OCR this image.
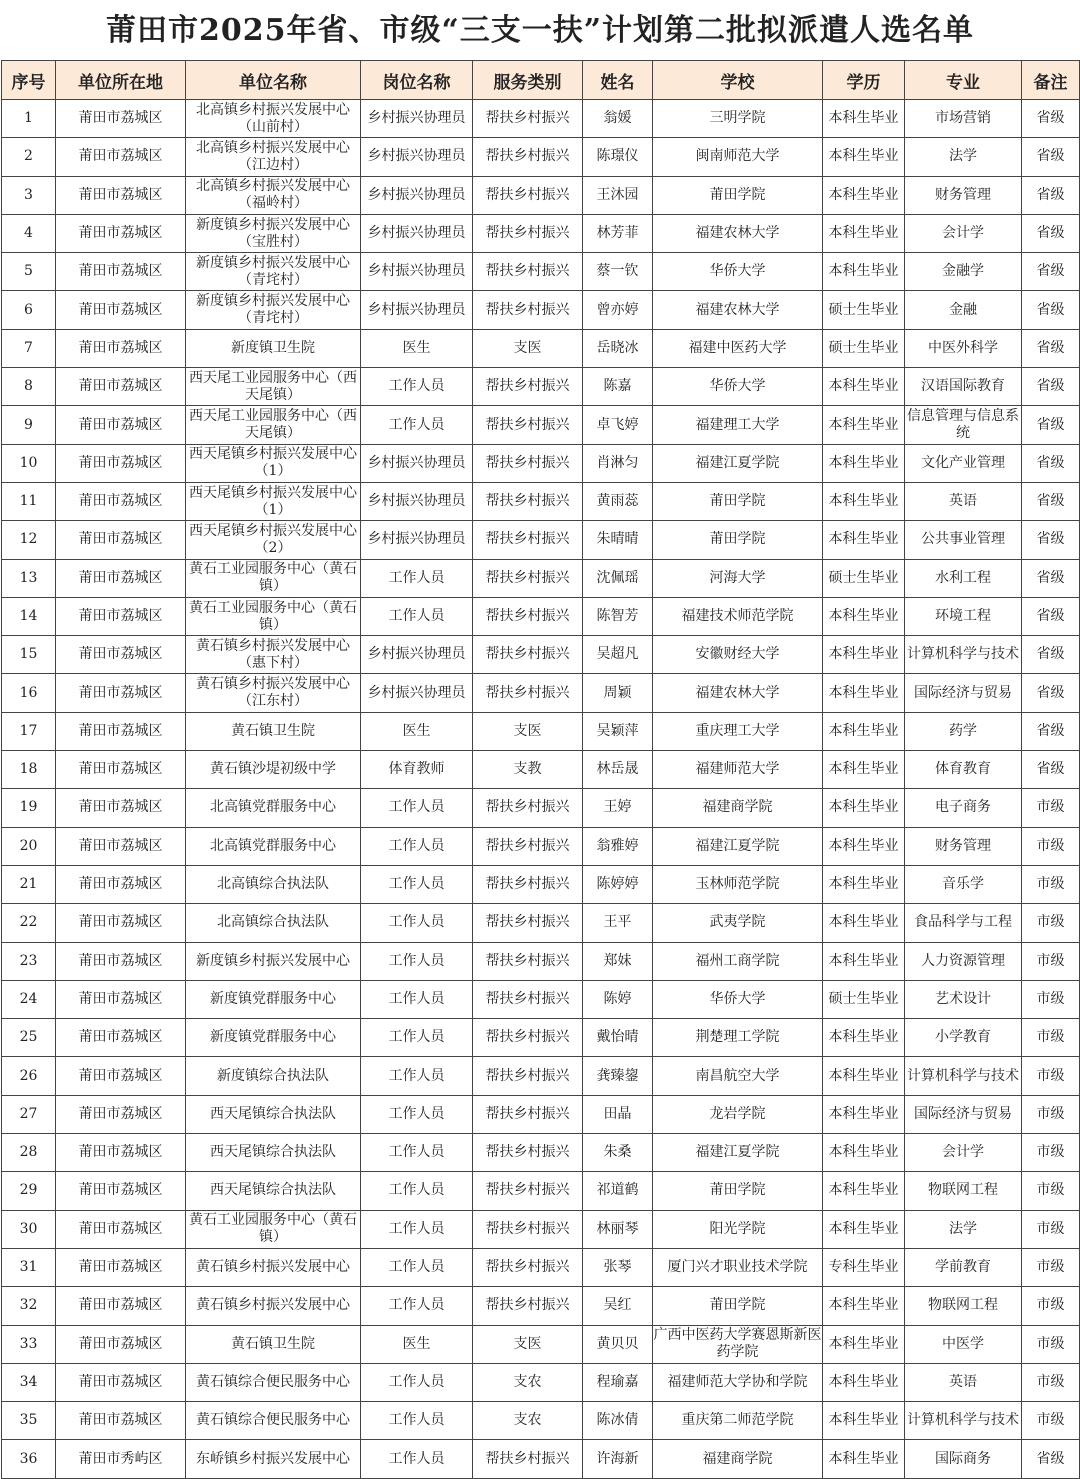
莆田市2025年省、市级“三支一扶”计划第二批拟派遣人选名单
序号	单位所在地	单位名称	岗位名称	服务类别	姓名	学校	学历	专业	备注
1	莆田市荔城区	北高镇乡村振兴发展中心（山前村）	乡村振兴协理员	帮扶乡村振兴	翁媛	三明学院	本科生毕业	市场营销	省级
2	莆田市荔城区	北高镇乡村振兴发展中心（江边村）	乡村振兴协理员	帮扶乡村振兴	陈璟仪	闽南师范大学	本科生毕业	法学	省级
3	莆田市荔城区	北高镇乡村振兴发展中心（福岭村）	乡村振兴协理员	帮扶乡村振兴	王沐园	莆田学院	本科生毕业	财务管理	省级
4	莆田市荔城区	新度镇乡村振兴发展中心（宝胜村）	乡村振兴协理员	帮扶乡村振兴	林芳菲	福建农林大学	本科生毕业	会计学	省级
5	莆田市荔城区	新度镇乡村振兴发展中心（青垞村）	乡村振兴协理员	帮扶乡村振兴	蔡一钦	华侨大学	本科生毕业	金融学	省级
6	莆田市荔城区	新度镇乡村振兴发展中心（青垞村）	乡村振兴协理员	帮扶乡村振兴	曾亦婷	福建农林大学	硕士生毕业	金融	省级
7	莆田市荔城区	新度镇卫生院	医生	支医	岳晓冰	福建中医药大学	硕士生毕业	中医外科学	省级
8	莆田市荔城区	西天尾工业园服务中心（西天尾镇）	工作人员	帮扶乡村振兴	陈嘉	华侨大学	本科生毕业	汉语国际教育	省级
9	莆田市荔城区	西天尾工业园服务中心（西天尾镇）	工作人员	帮扶乡村振兴	卓飞婷	福建理工大学	本科生毕业	信息管理与信息系统	省级
10	莆田市荔城区	西天尾镇乡村振兴发展中心（1）	乡村振兴协理员	帮扶乡村振兴	肖淋匀	福建江夏学院	本科生毕业	文化产业管理	省级
11	莆田市荔城区	西天尾镇乡村振兴发展中心（1）	乡村振兴协理员	帮扶乡村振兴	黄雨蕊	莆田学院	本科生毕业	英语	省级
12	莆田市荔城区	西天尾镇乡村振兴发展中心（2）	乡村振兴协理员	帮扶乡村振兴	朱晴晴	莆田学院	本科生毕业	公共事业管理	省级
13	莆田市荔城区	黄石工业园服务中心（黄石镇）	工作人员	帮扶乡村振兴	沈佩瑶	河海大学	硕士生毕业	水利工程	省级
14	莆田市荔城区	黄石工业园服务中心（黄石镇）	工作人员	帮扶乡村振兴	陈智芳	福建技术师范学院	本科生毕业	环境工程	省级
15	莆田市荔城区	黄石镇乡村振兴发展中心（惠下村）	乡村振兴协理员	帮扶乡村振兴	吴超凡	安徽财经大学	本科生毕业	计算机科学与技术	省级
16	莆田市荔城区	黄石镇乡村振兴发展中心（江东村）	乡村振兴协理员	帮扶乡村振兴	周颖	福建农林大学	本科生毕业	国际经济与贸易	省级
17	莆田市荔城区	黄石镇卫生院	医生	支医	吴颖萍	重庆理工大学	本科生毕业	药学	省级
18	莆田市荔城区	黄石镇沙堤初级中学	体育教师	支教	林岳晟	福建师范大学	本科生毕业	体育教育	省级
19	莆田市荔城区	北高镇党群服务中心	工作人员	帮扶乡村振兴	王婷	福建商学院	本科生毕业	电子商务	市级
20	莆田市荔城区	北高镇党群服务中心	工作人员	帮扶乡村振兴	翁雅婷	福建江夏学院	本科生毕业	财务管理	市级
21	莆田市荔城区	北高镇综合执法队	工作人员	帮扶乡村振兴	陈婷婷	玉林师范学院	本科生毕业	音乐学	市级
22	莆田市荔城区	北高镇综合执法队	工作人员	帮扶乡村振兴	王平	武夷学院	本科生毕业	食品科学与工程	市级
23	莆田市荔城区	新度镇乡村振兴发展中心	工作人员	帮扶乡村振兴	郑妹	福州工商学院	本科生毕业	人力资源管理	市级
24	莆田市荔城区	新度镇党群服务中心	工作人员	帮扶乡村振兴	陈婷	华侨大学	硕士生毕业	艺术设计	市级
25	莆田市荔城区	新度镇党群服务中心	工作人员	帮扶乡村振兴	戴怡晴	荆楚理工学院	本科生毕业	小学教育	市级
26	莆田市荔城区	新度镇综合执法队	工作人员	帮扶乡村振兴	龚臻鋆	南昌航空大学	本科生毕业	计算机科学与技术	市级
27	莆田市荔城区	西天尾镇综合执法队	工作人员	帮扶乡村振兴	田晶	龙岩学院	本科生毕业	国际经济与贸易	市级
28	莆田市荔城区	西天尾镇综合执法队	工作人员	帮扶乡村振兴	朱桑	福建江夏学院	本科生毕业	会计学	市级
29	莆田市荔城区	西天尾镇综合执法队	工作人员	帮扶乡村振兴	祁道鹤	莆田学院	本科生毕业	物联网工程	市级
30	莆田市荔城区	黄石工业园服务中心（黄石镇）	工作人员	帮扶乡村振兴	林丽琴	阳光学院	本科生毕业	法学	市级
31	莆田市荔城区	黄石镇乡村振兴发展中心	工作人员	帮扶乡村振兴	张琴	厦门兴才职业技术学院	专科生毕业	学前教育	市级
32	莆田市荔城区	黄石镇乡村振兴发展中心	工作人员	帮扶乡村振兴	吴红	莆田学院	本科生毕业	物联网工程	市级
33	莆田市荔城区	黄石镇卫生院	医生	支医	黄贝贝	广西中医药大学赛恩斯新医药学院	本科生毕业	中医学	市级
34	莆田市荔城区	黄石镇综合便民服务中心	工作人员	支农	程瑜嘉	福建师范大学协和学院	本科生毕业	英语	市级
35	莆田市荔城区	黄石镇综合便民服务中心	工作人员	支农	陈冰倩	重庆第二师范学院	本科生毕业	计算机科学与技术	市级
36	莆田市秀屿区	东峤镇乡村振兴发展中心	工作人员	帮扶乡村振兴	许海新	福建商学院	本科生毕业	国际商务	省级
